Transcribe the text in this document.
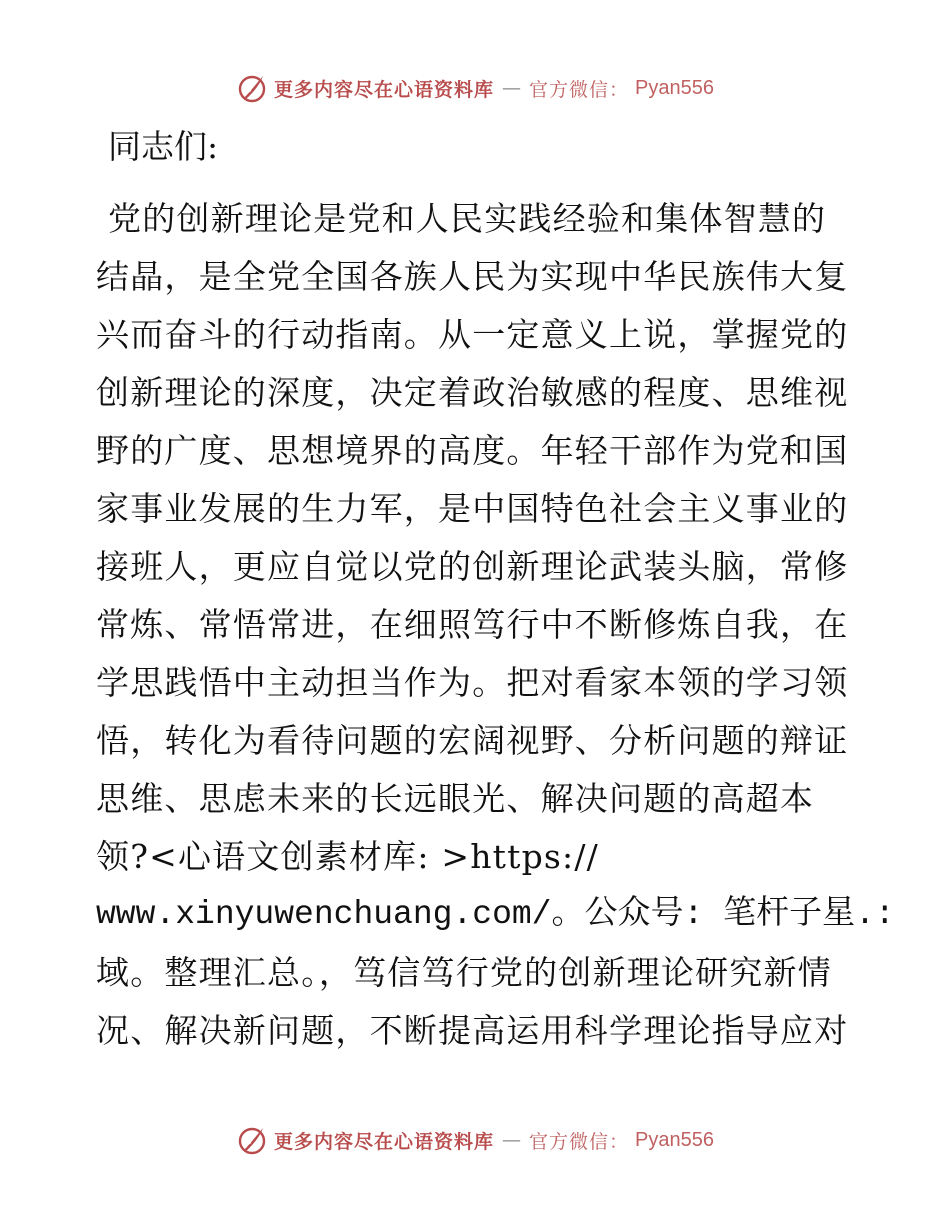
更多内容尽在心语资料库 — 官方微信： Pyan556
同志们:
党的创新理论是党和人民实践经验和集体智慧的
结晶，是全党全国各族人民为实现中华民族伟大复
兴而奋斗的行动指南。从一定意义上说，掌握党的
创新理论的深度，决定着政治敏感的程度、思维视
野的广度、思想境界的高度。年轻干部作为党和国
家事业发展的生力军，是中国特色社会主义事业的
接班人，更应自觉以党的创新理论武装头脑，常修
常炼、常悟常进，在细照笃行中不断修炼自我，在
学思践悟中主动担当作为。把对看家本领的学习领
悟，转化为看待问题的宏阔视野、分析问题的辩证
思维、思虑未来的长远眼光、解决问题的高超本
领?<心语文创素材库: >https://
www.xinyuwenchuang.com/。公众号: 笔杆子星.:
域。整理汇总。，笃信笃行党的创新理论研究新情
况、解决新问题，不断提高运用科学理论指导应对
更多内容尽在心语资料库 — 官方微信： Pyan556
